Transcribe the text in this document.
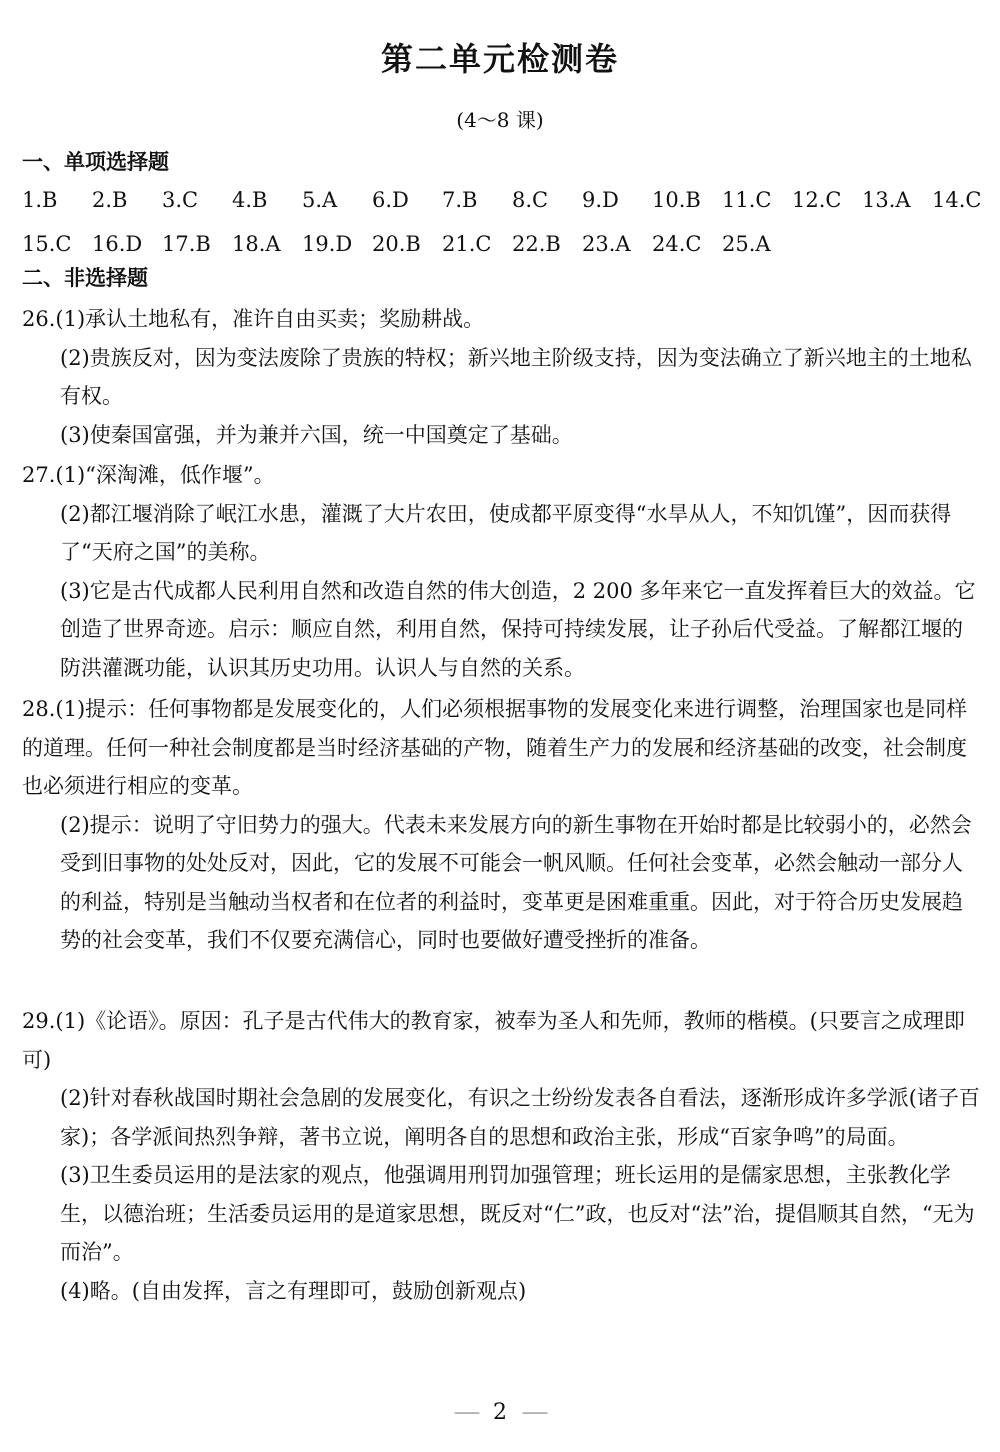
第二单元检测卷
(4～8 课)
一、单项选择题
1.B	2.B	3.C	4.B	5.A	6.D	7.B	8.C	9.D	10.B	11.C 12.C 13.A	14.C
15.C 16.D 17.B	18.A	19.D 20.B	21.C 22.B	23.A	24.C 25.A
二、非选择题

26.(1)承认土地私有，准许自由买卖；奖励耕战。

(2)贵族反对，因为变法废除了贵族的特权；新兴地主阶级支持，因为变法确立了新兴地主的土地私有权。

(3)使秦国富强，并为兼并六国，统一中国奠定了基础。

27.(1)“深淘滩，低作堰”。

(2)都江堰消除了岷江水患，灌溉了大片农田，使成都平原变得“水旱从人，不知饥馑”，因而获得了“天府之国”的美称。

(3)它是古代成都人民利用自然和改造自然的伟大创造，2 200 多年来它一直发挥着巨大的效益。它创造了世界奇迹。启示：顺应自然，利用自然，保持可持续发展，让子孙后代受益。了解都江堰的防洪灌溉功能，认识其历史功用。认识人与自然的关系。

28.(1)提示：任何事物都是发展变化的，人们必须根据事物的发展变化来进行调整，治理国家也是同样的道理。任何一种社会制度都是当时经济基础的产物，随着生产力的发展和经济基础的改变，社会制度也必须进行相应的变革。

(2)提示：说明了守旧势力的强大。代表未来发展方向的新生事物在开始时都是比较弱小的，必然会受到旧事物的处处反对，因此，它的发展不可能会一帆风顺。任何社会变革，必然会触动一部分人的利益，特别是当触动当权者和在位者的利益时，变革更是困难重重。因此，对于符合历史发展趋势的社会变革，我们不仅要充满信心，同时也要做好遭受挫折的准备。

29.(1)《论语》。原因：孔子是古代伟大的教育家，被奉为圣人和先师，教师的楷模。(只要言之成理即可)

(2)针对春秋战国时期社会急剧的发展变化，有识之士纷纷发表各自看法，逐渐形成许多学派(诸子百家)；各学派间热烈争辩，著书立说，阐明各自的思想和政治主张，形成“百家争鸣”的局面。

(3)卫生委员运用的是法家的观点，他强调用刑罚加强管理；班长运用的是儒家思想，主张教化学生，以德治班；生活委员运用的是道家思想，既反对“仁”政，也反对“法”治，提倡顺其自然，“无为而治”。

(4)略。(自由发挥，言之有理即可，鼓励创新观点)

—— 2 ——
